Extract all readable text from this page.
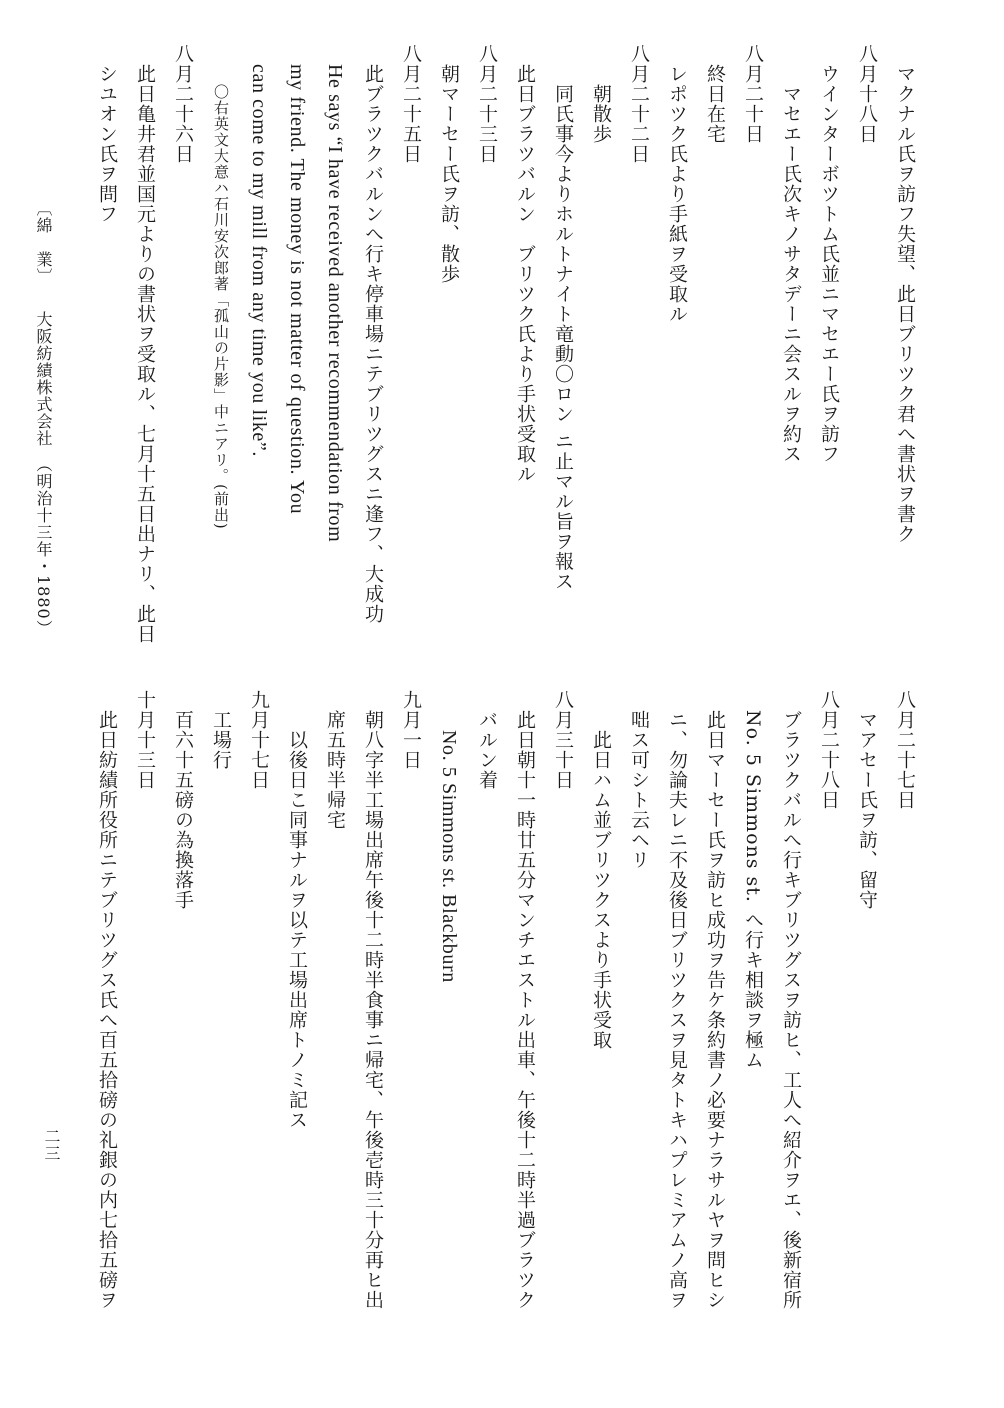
マクナル氏ヲ訪フ失望、此日ブリツク君へ書状ヲ書ク
八月十八日
ウインターボツトム氏並ニマセエー氏ヲ訪フ
マセエー氏次キノサタデーニ会スルヲ約ス
八月二十日
終日在宅
レポツク氏より手紙ヲ受取ル
八月二十二日
朝散歩
同氏事今よりホルトナイト竜動〇ロン ニ止マル旨ヲ報ス
此日ブラツバルン　ブリツク氏より手状受取ル
八月二十三日
朝マーセー氏ヲ訪、散歩
八月二十五日
此ブラツクバルンへ行キ停車場ニテブリツグスニ逢フ、大成功
He says “I have received another recommendation from
my friend. The money is not matter of question. You
can come to my mill from any time you like”.
〇右英文大意ハ石川安次郎著「孤山の片影」中ニアリ。(前出)
八月二十六日
此日亀井君並国元よりの書状ヲ受取ル、七月十五日出ナリ、此日
シユオン氏ヲ問フ
八月二十七日
マアセー氏ヲ訪、留守
八月二十八日
ブラツクバルへ行キブリツグスヲ訪ヒ、工人へ紹介ヲエ、後新宿所
No. 5 Simmons st. へ行キ相談ヲ極ム
此日マーセー氏ヲ訪ヒ成功ヲ告ケ条約書ノ必要ナラサルヤヲ問ヒシ
ニ、勿論夫レニ不及後日ブリツクスヲ見タトキハプレミアムノ高ヲ
咄ス可シト云ヘリ
此日ハム並ブリツクスより手状受取
八月三十日
此日朝十一時廿五分マンチエストル出車、午後十二時半過ブラツク
バルン着
No. 5 Simmons st. Blackburn
九月一日
朝八字半工場出席午後十二時半食事ニ帰宅、午後壱時三十分再ヒ出
席五時半帰宅
以後日こ同事ナルヲ以テ工場出席トノミ記ス
九月十七日
工場行
百六十五磅の為換落手
十月十三日
此日紡績所役所ニテブリツグス氏へ百五拾磅の礼銀の内七拾五磅ヲ
〔綿　業〕　　大阪紡績株式会社　（明治十三年・1880）
二三
